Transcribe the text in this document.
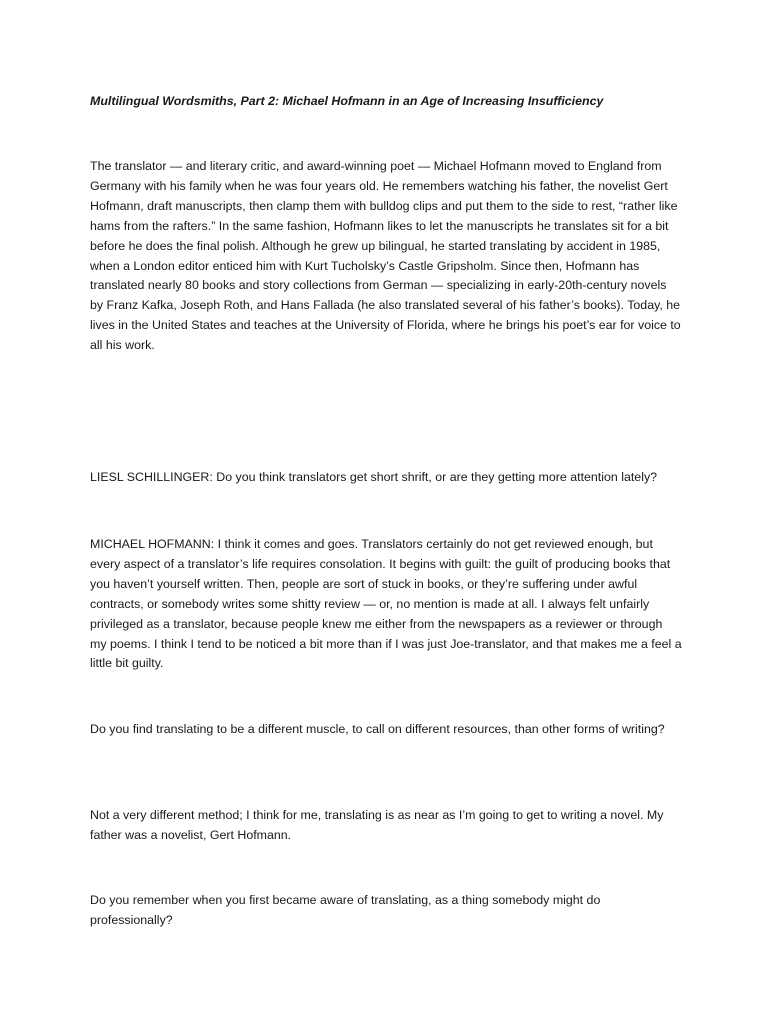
Multilingual Wordsmiths, Part 2: Michael Hofmann in an Age of Increasing Insufficiency

The translator — and literary critic, and award-winning poet — Michael Hofmann moved to England from Germany with his family when he was four years old. He remembers watching his father, the novelist Gert Hofmann, draft manuscripts, then clamp them with bulldog clips and put them to the side to rest, “rather like hams from the rafters.” In the same fashion, Hofmann likes to let the manuscripts he translates sit for a bit before he does the final polish. Although he grew up bilingual, he started translating by accident in 1985, when a London editor enticed him with Kurt Tucholsky’s Castle Gripsholm. Since then, Hofmann has translated nearly 80 books and story collections from German — specializing in early-20th-century novels by Franz Kafka, Joseph Roth, and Hans Fallada (he also translated several of his father’s books). Today, he lives in the United States and teaches at the University of Florida, where he brings his poet’s ear for voice to all his work.

LIESL SCHILLINGER: Do you think translators get short shrift, or are they getting more attention lately?

MICHAEL HOFMANN: I think it comes and goes. Translators certainly do not get reviewed enough, but every aspect of a translator’s life requires consolation. It begins with guilt: the guilt of producing books that you haven’t yourself written. Then, people are sort of stuck in books, or they’re suffering under awful contracts, or somebody writes some shitty review — or, no mention is made at all. I always felt unfairly privileged as a translator, because people knew me either from the newspapers as a reviewer or through my poems. I think I tend to be noticed a bit more than if I was just Joe-translator, and that makes me a feel a little bit guilty.

Do you find translating to be a different muscle, to call on different resources, than other forms of writing?

Not a very different method; I think for me, translating is as near as I’m going to get to writing a novel. My father was a novelist, Gert Hofmann.

Do you remember when you first became aware of translating, as a thing somebody might do professionally?
